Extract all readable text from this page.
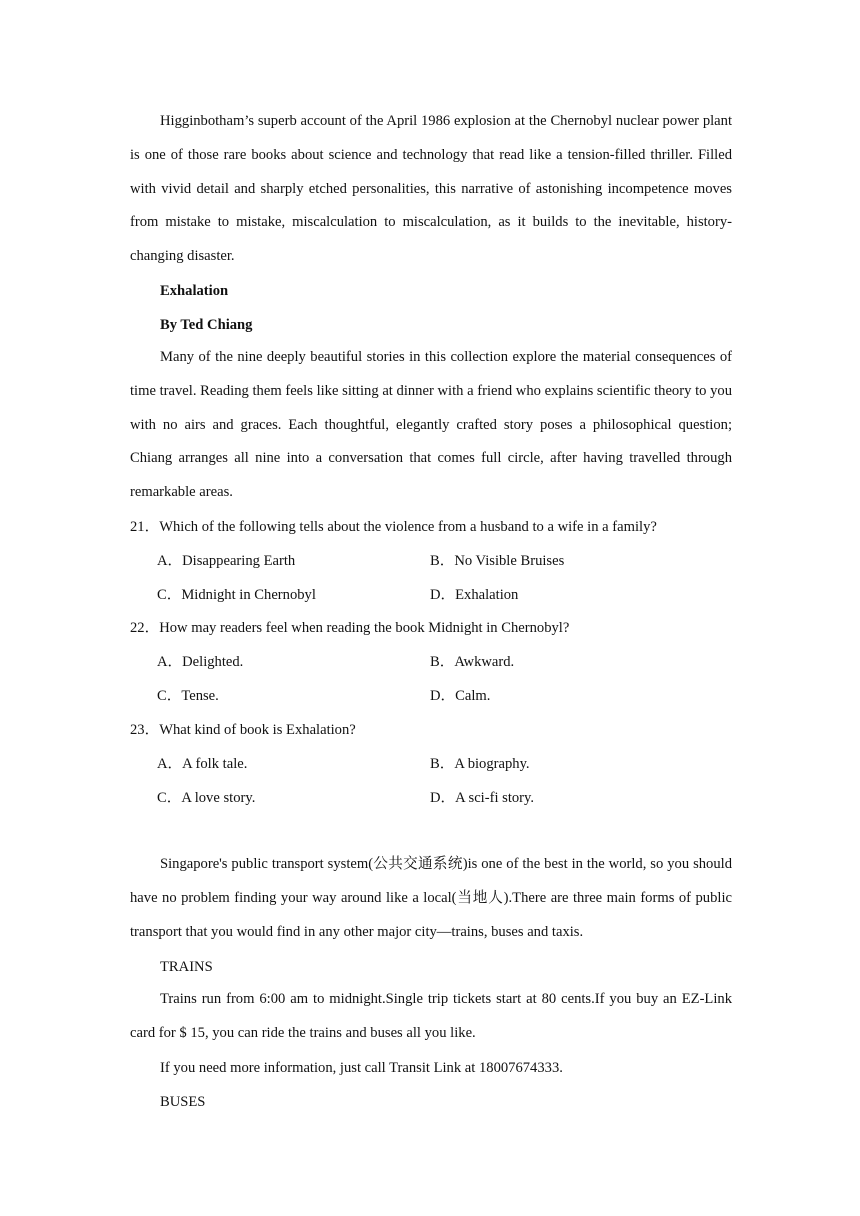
Higginbotham’s superb account of the April 1986 explosion at the Chernobyl nuclear power plant is one of those rare books about science and technology that read like a tension-filled thriller. Filled with vivid detail and sharply etched personalities, this narrative of astonishing incompetence moves from mistake to mistake, miscalculation to miscalculation, as it builds to the inevitable, history-changing disaster.

Exhalation
By Ted Chiang

Many of the nine deeply beautiful stories in this collection explore the material consequences of time travel. Reading them feels like sitting at dinner with a friend who explains scientific theory to you with no airs and graces. Each thoughtful, elegantly crafted story poses a philosophical question; Chiang arranges all nine into a conversation that comes full circle, after having travelled through remarkable areas.

21．Which of the following tells about the violence from a husband to a wife in a family?
A．Disappearing Earth	B．No Visible Bruises
C．Midnight in Chernobyl	D．Exhalation
22．How may readers feel when reading the book Midnight in Chernobyl?
A．Delighted.	B．Awkward.
C．Tense.	D．Calm.
23．What kind of book is Exhalation?
A．A folk tale.	B．A biography.
C．A love story.	D．A sci-fi story.

Singapore's public transport system(公共交通系统)is one of the best in the world, so you should have no problem finding your way around like a local(当地人).There are three main forms of public transport that you would find in any other major city—trains, buses and taxis.

TRAINS

Trains run from 6:00 am to midnight.Single trip tickets start at 80 cents.If you buy an EZ-Link card for $ 15, you can ride the trains and buses all you like.

If you need more information, just call Transit Link at 18007674333.
BUSES
